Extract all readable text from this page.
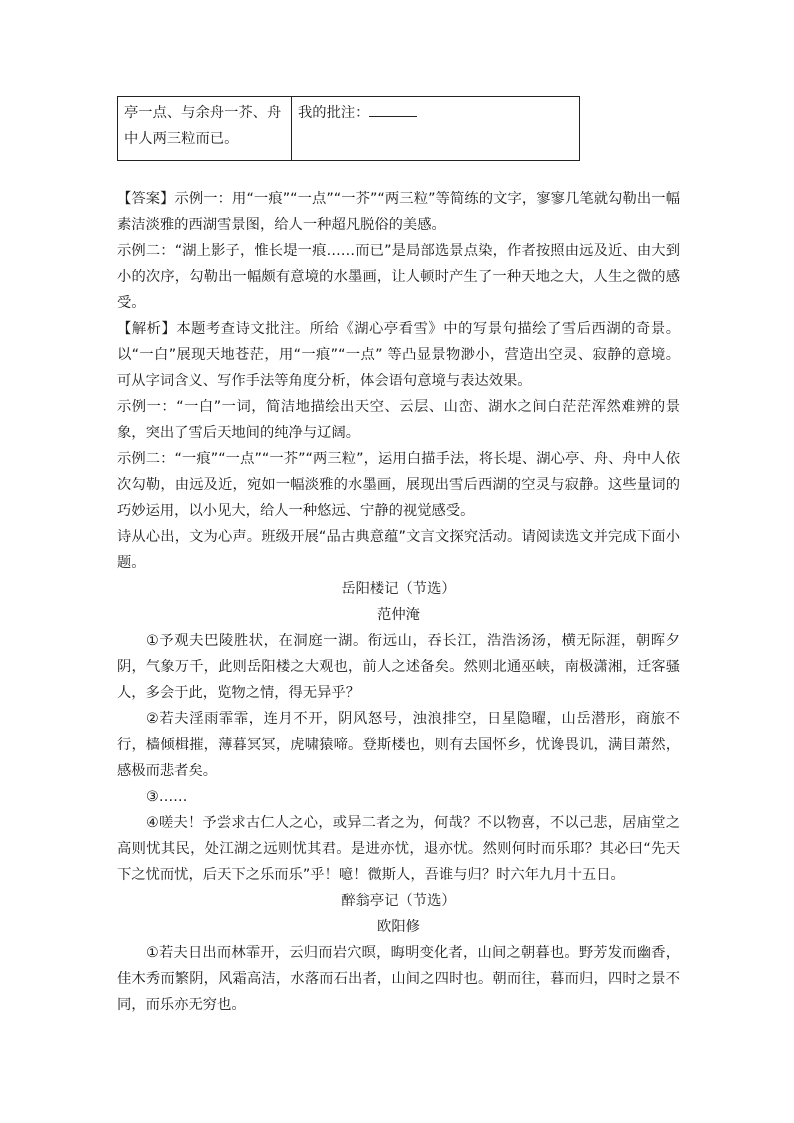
亭一点、与余舟一芥、舟中人两三粒而已。	我的批注：

【答案】示例一：用“一痕”“一点”“一芥”“两三粒”等简练的文字，寥寥几笔就勾勒出一幅素洁淡雅的西湖雪景图，给人一种超凡脱俗的美感。

示例二：“湖上影子，惟长堤一痕……而已”是局部选景点染，作者按照由远及近、由大到小的次序，勾勒出一幅颇有意境的水墨画，让人顿时产生了一种天地之大，人生之微的感受。

【解析】本题考查诗文批注。所给《湖心亭看雪》中的写景句描绘了雪后西湖的奇景。以“一白”展现天地苍茫，用“一痕”“一点” 等凸显景物渺小，营造出空灵、寂静的意境。可从字词含义、写作手法等角度分析，体会语句意境与表达效果。

示例一：“一白”一词，简洁地描绘出天空、云层、山峦、湖水之间白茫茫浑然难辨的景象，突出了雪后天地间的纯净与辽阔。

示例二：“一痕”“一点”“一芥”“两三粒”，运用白描手法，将长堤、湖心亭、舟、舟中人依次勾勒，由远及近，宛如一幅淡雅的水墨画，展现出雪后西湖的空灵与寂静。这些量词的巧妙运用，以小见大，给人一种悠远、宁静的视觉感受。

诗从心出，文为心声。班级开展“品古典意蕴”文言文探究活动。请阅读选文并完成下面小题。

岳阳楼记（节选）

范仲淹

①予观夫巴陵胜状，在洞庭一湖。衔远山，吞长江，浩浩汤汤，横无际涯，朝晖夕阴，气象万千，此则岳阳楼之大观也，前人之述备矣。然则北通巫峡，南极潇湘，迁客骚人，多会于此，览物之情，得无异乎？

②若夫淫雨霏霏，连月不开，阴风怒号，浊浪排空，日星隐曜，山岳潜形，商旅不行，樯倾楫摧，薄暮冥冥，虎啸猿啼。登斯楼也，则有去国怀乡，忧谗畏讥，满目萧然，感极而悲者矣。

③……

④嗟夫！予尝求古仁人之心，或异二者之为，何哉？不以物喜，不以己悲，居庙堂之高则忧其民，处江湖之远则忧其君。是进亦忧，退亦忧。然则何时而乐耶？其必曰“先天下之忧而忧，后天下之乐而乐”乎！噫！微斯人，吾谁与归？时六年九月十五日。

醉翁亭记（节选）

欧阳修

①若夫日出而林霏开，云归而岩穴暝，晦明变化者，山间之朝暮也。野芳发而幽香，佳木秀而繁阴，风霜高洁，水落而石出者，山间之四时也。朝而往，暮而归，四时之景不同，而乐亦无穷也。
